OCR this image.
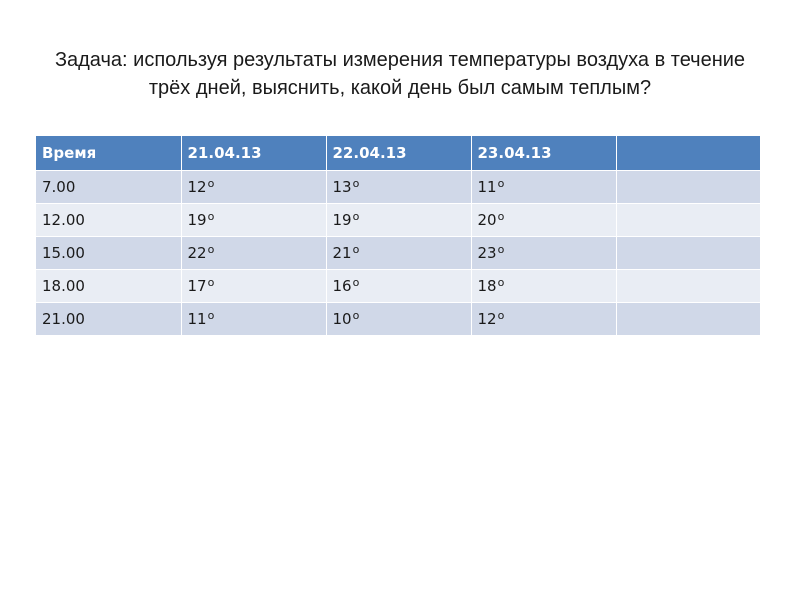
Задача: используя результаты измерения температуры воздуха в течение трёх дней, выяснить, какой день был самым теплым?
Время	21.04.13	22.04.13	23.04.13	
7.00	$12^о$	$13^о$	$11^о$	
12.00	$19^о$	$19^о$	$20^о$	
15.00	$22^о$	$21^о$	$23^о$	
18.00	$17^о$	$16^о$	$18^о$	
21.00	$11^о$	$10^о$	$12^о$	
